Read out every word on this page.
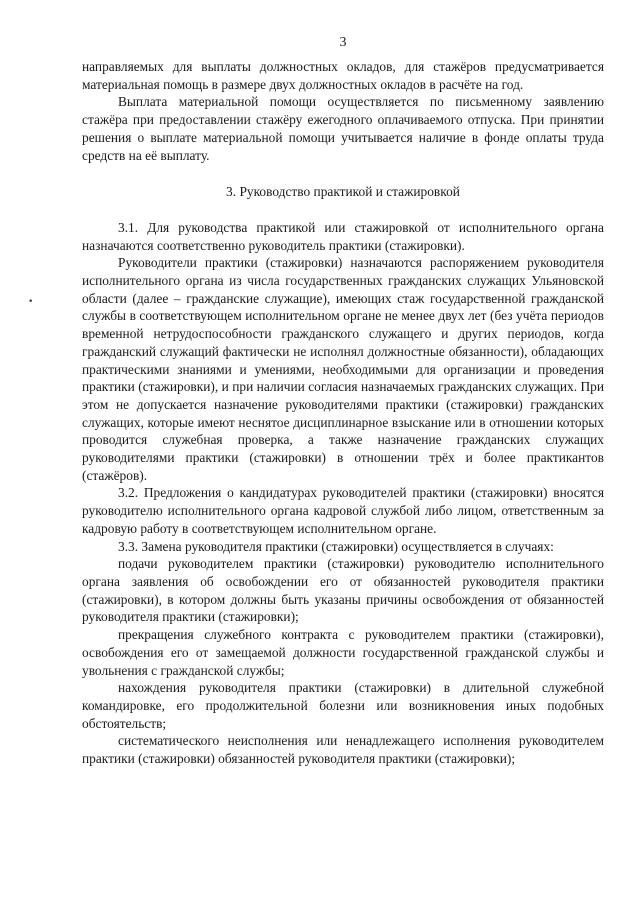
•
3

направляемых для выплаты должностных окладов, для стажёров предусматривается материальная помощь в размере двух должностных окладов в расчёте на год.

Выплата материальной помощи осуществляется по письменному заявлению стажёра при предоставлении стажёру ежегодного оплачиваемого отпуска. При принятии решения о выплате материальной помощи учитывается наличие в фонде оплаты труда средств на её выплату.

3. Руководство практикой и стажировкой

3.1. Для руководства практикой или стажировкой от исполнительного органа назначаются соответственно руководитель практики (стажировки).

Руководители практики (стажировки) назначаются распоряжением руководителя исполнительного органа из числа государственных гражданских служащих Ульяновской области (далее – гражданские служащие), имеющих стаж государственной гражданской службы в соответствующем исполнительном органе не менее двух лет (без учёта периодов временной нетрудоспособности гражданского служащего и других периодов, когда гражданский служащий фактически не исполнял должностные обязанности), обладающих практическими знаниями и умениями, необходимыми для организации и проведения практики (стажировки), и при наличии согласия назначаемых гражданских служащих. При этом не допускается назначение руководителями практики (стажировки) гражданских служащих, которые имеют неснятое дисциплинарное взыскание или в отношении которых проводится служебная проверка, а также назначение гражданских служащих руководителями практики (стажировки) в отношении трёх и более практикантов (стажёров).

3.2. Предложения о кандидатурах руководителей практики (стажировки) вносятся руководителю исполнительного органа кадровой службой либо лицом, ответственным за кадровую работу в соответствующем исполнительном органе.

3.3. Замена руководителя практики (стажировки) осуществляется в случаях:

подачи руководителем практики (стажировки) руководителю исполнительного органа заявления об освобождении его от обязанностей руководителя практики (стажировки), в котором должны быть указаны причины освобождения от обязанностей руководителя практики (стажировки);

прекращения служебного контракта с руководителем практики (стажировки), освобождения его от замещаемой должности государственной гражданской службы и увольнения с гражданской службы;

нахождения руководителя практики (стажировки) в длительной служебной командировке, его продолжительной болезни или возникновения иных подобных обстоятельств;

систематического неисполнения или ненадлежащего исполнения руководителем практики (стажировки) обязанностей руководителя практики (стажировки);
